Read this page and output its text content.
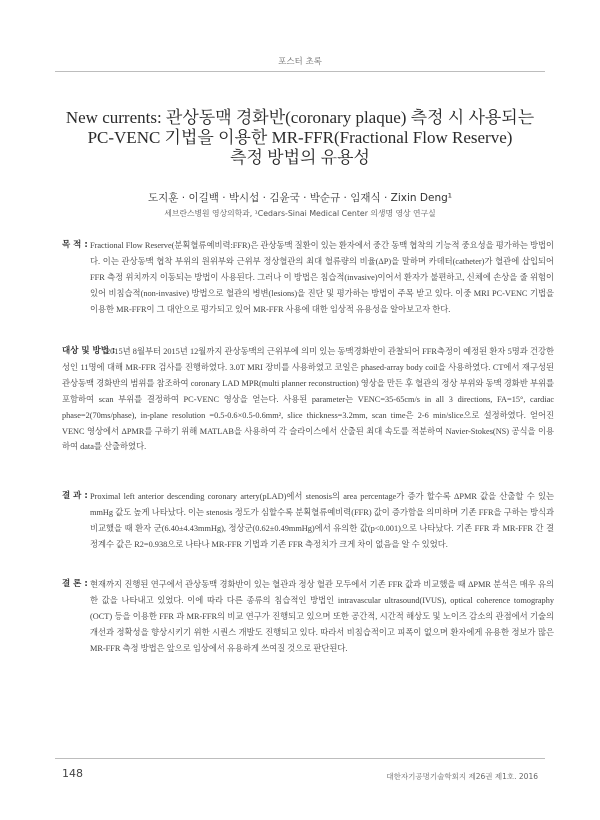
포스터 초록
New currents: 관상동맥 경화반(coronary plaque) 측정 시 사용되는
PC-VENC 기법을 이용한 MR-FFR(Fractional Flow Reserve)
측정 방법의 유용성
도지훈 · 이길백 · 박시섭 · 김윤국 · 박순규 · 임재식 · Zixin Deng¹
세브란스병원 영상의학과, ¹Cedars-Sinai Medical Center 의생명 영상 연구실
목 적 : Fractional Flow Reserve(분획혈류예비력:FFR)은 관상동맥 질환이 있는 환자에서 중간 동맥 협착의 기능적 중요성을 평가하는 방법이다. 이는 관상동맥 협착 부위의 원위부와 근위부 정상혈관의 최대 혈류량의 비율(ΔP)을 말하며 카데터(catheter)가 혈관에 삽입되어 FFR 측정 위치까지 이동되는 방법이 사용된다. 그러나 이 방법은 침습적(invasive)이어서 환자가 불편하고, 신체에 손상을 줄 위험이 있어 비침습적(non-invasive) 방법으로 혈관의 병변(lesions)을 진단 및 평가하는 방법이 주목 받고 있다. 이중 MRI PC-VENC 기법을 이용한 MR-FFR이 그 대안으로 평가되고 있어 MR-FFR 사용에 대한 임상적 유용성을 알아보고자 한다.
대상 및 방법 :
2015년 8월부터 2015년 12월까지 관상동맥의 근위부에 의미 있는 동맥경화반이 관찰되어 FFR측정이 예정된 환자 5명과 건강한 성인 11명에 대해 MR-FFR 검사를 진행하였다. 3.0T MRI 장비를 사용하였고 코일은 phased-array body coil을 사용하였다. CT에서 재구성된 관상동맥 경화반의 범위를 참조하여 coronary LAD MPR(multi planner reconstruction) 영상을 만든 후 혈관의 정상 부위와 동맥 경화반 부위를 포함하여 scan 부위를 결정하여 PC-VENC 영상을 얻는다. 사용된 parameter는 VENC=35-65cm/s in all 3 directions, FA=15°, cardiac phase=2(70ms/phase), in-plane resolution =0.5-0.6×0.5-0.6mm², slice thickness=3.2mm, scan time은 2-6 min/slice으로 설정하였다. 얻어진 VENC 영상에서 ΔPMR를 구하기 위해 MATLAB을 사용하여 각 슬라이스에서 산출된 최대 속도를 적분하여 Navier-Stokes(NS) 공식을 이용하여 data를 산출하였다.
결 과 : Proximal left anterior descending coronary artery(pLAD)에서 stenosis의 area percentage가 증가 할수록 ΔPMR 값을 산출할 수 있는 mmHg 값도 높게 나타났다. 이는 stenosis 정도가 심할수록 분획혈류예비력(FFR) 값이 증가함을 의미하며 기존 FFR을 구하는 방식과 비교했을 때 환자 군(6.40±4.43mmHg), 정상군(0.62±0.49mmHg)에서 유의한 값(p<0.001)으로 나타났다. 기존 FFR 과 MR-FFR 간 결정계수 값은 R2=0.938으로 나타나 MR-FFR 기법과 기존 FFR 측정치가 크게 차이 없음을 알 수 있었다.
결 론 : 현재까지 진행된 연구에서 관상동맥 경화반이 있는 혈관과 정상 혈관 모두에서 기존 FFR 값과 비교했을 때 ΔPMR 분석은 매우 유의한 값을 나타내고 있었다. 이에 따라 다른 종류의 침습적인 방법인 intravascular ultrasound(IVUS), optical coherence tomography (OCT) 등을 이용한 FFR 과 MR-FFR의 비교 연구가 진행되고 있으며 또한 공간적, 시간적 해상도 및 노이즈 감소의 관점에서 기술의 개선과 정확성을 향상시키기 위한 시퀀스 개발도 진행되고 있다. 따라서 비침습적이고 피폭이 없으며 환자에게 유용한 정보가 많은 MR-FFR 측정 방법은 앞으로 임상에서 유용하게 쓰여질 것으로 판단된다.
148	대한자기공명기술학회지 제26권 제1호. 2016
